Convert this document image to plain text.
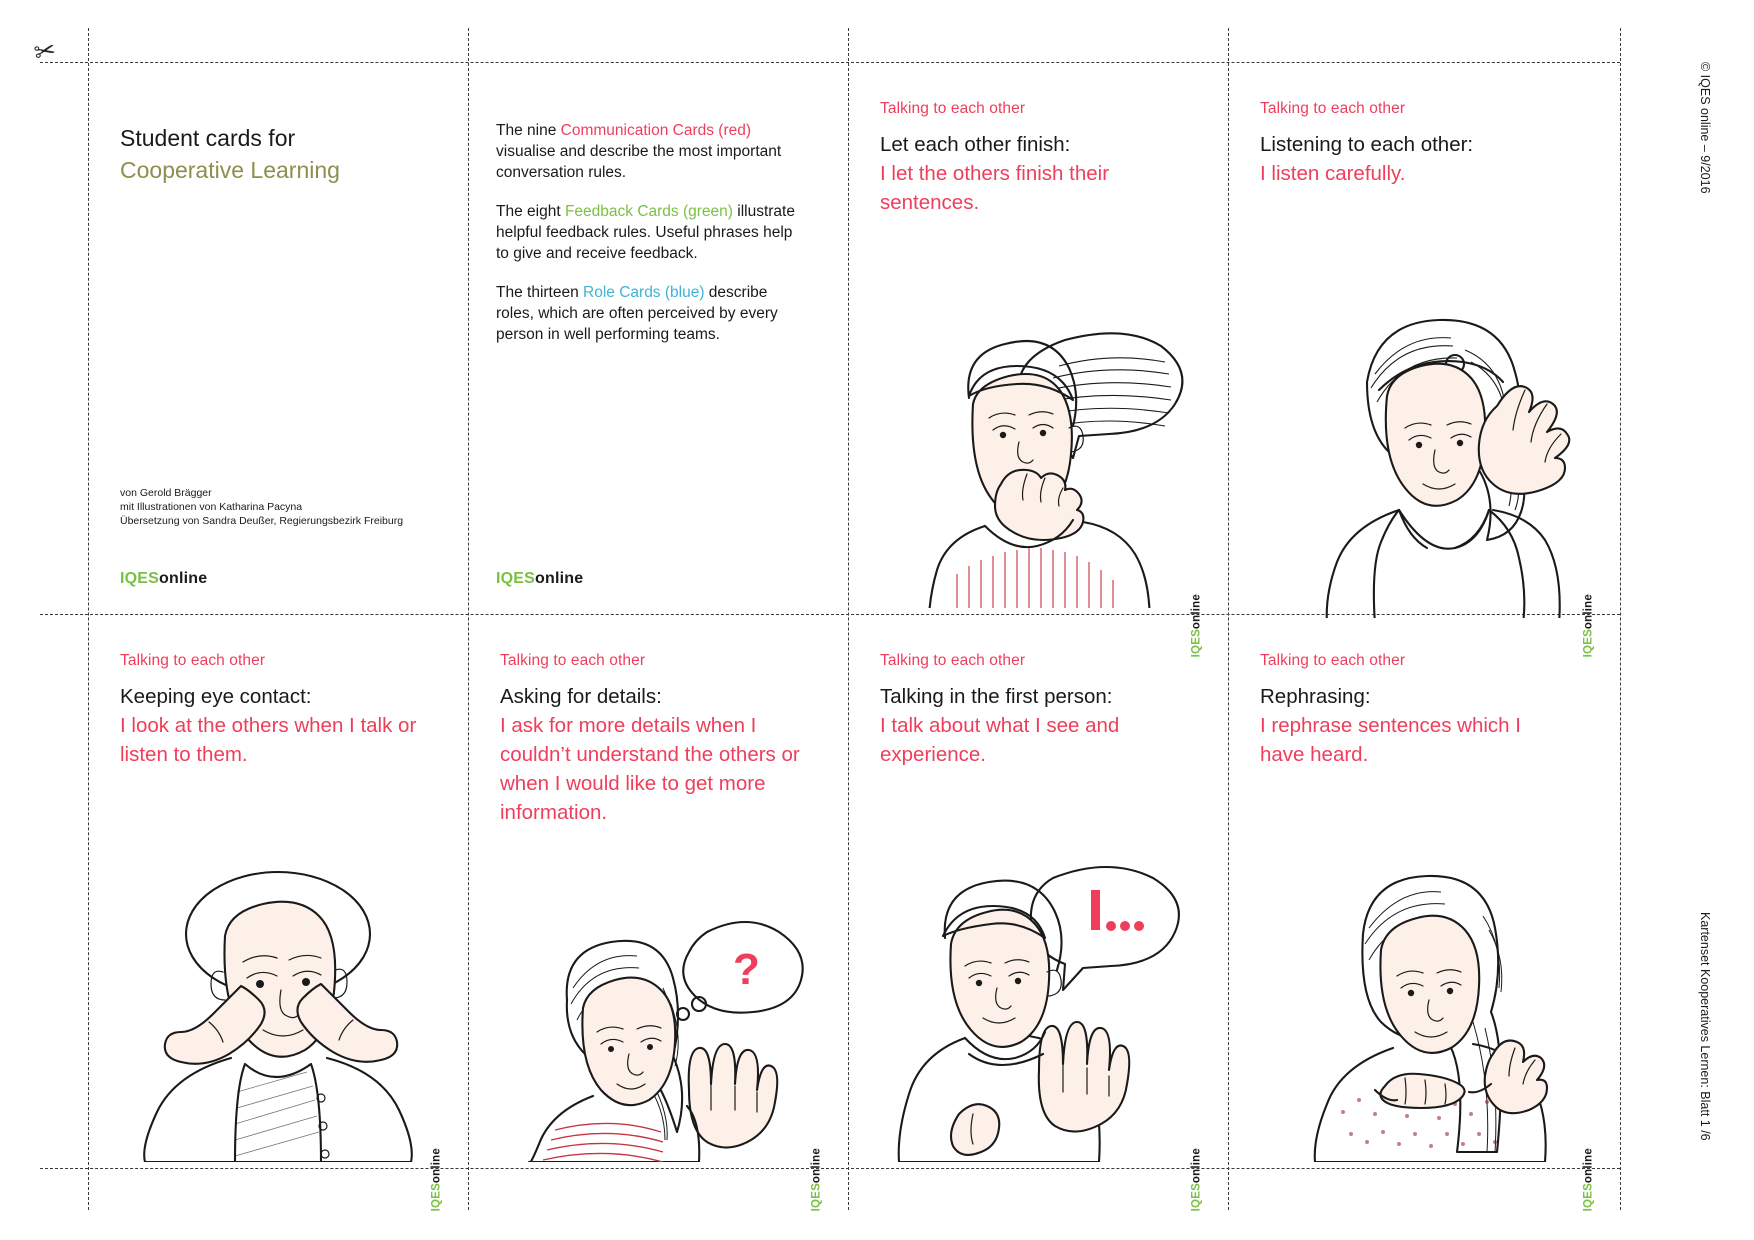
✂
© IQES online – 9/2016
Kartenset Kooperatives Lernen: Blatt 1 /6
Student cards for
Cooperative Learning
von Gerold Brägger
mit Illustrationen von Katharina Pacyna
Übersetzung von Sandra Deußer, Regierungsbezirk Freiburg
IQESonline

The nine Communication Cards (red) visualise and describe the most important conversation rules.

The eight Feedback Cards (green) illustrate helpful feedback rules. Useful phrases help to give and receive feedback.

The thirteen Role Cards (blue) describe roles, which are often perceived by every person in well performing teams.

IQESonline
Talking to each other
Let each other finish:
I let the others finish their sentences.
IQESonline
Talking to each other
Listening to each other:
I listen carefully.
IQESonline
Talking to each other
Keeping eye contact:
I look at the others when I talk or listen to them.
IQESonline
Talking to each other
Asking for details:
I ask for more details when I couldn’t understand the others or when I would like to get more information.
?
IQESonline
Talking to each other
Talking in the first person:
I talk about what I see and experience.
IQESonline
Talking to each other
Rephrasing:
I rephrase sentences which I have heard.
IQESonline
